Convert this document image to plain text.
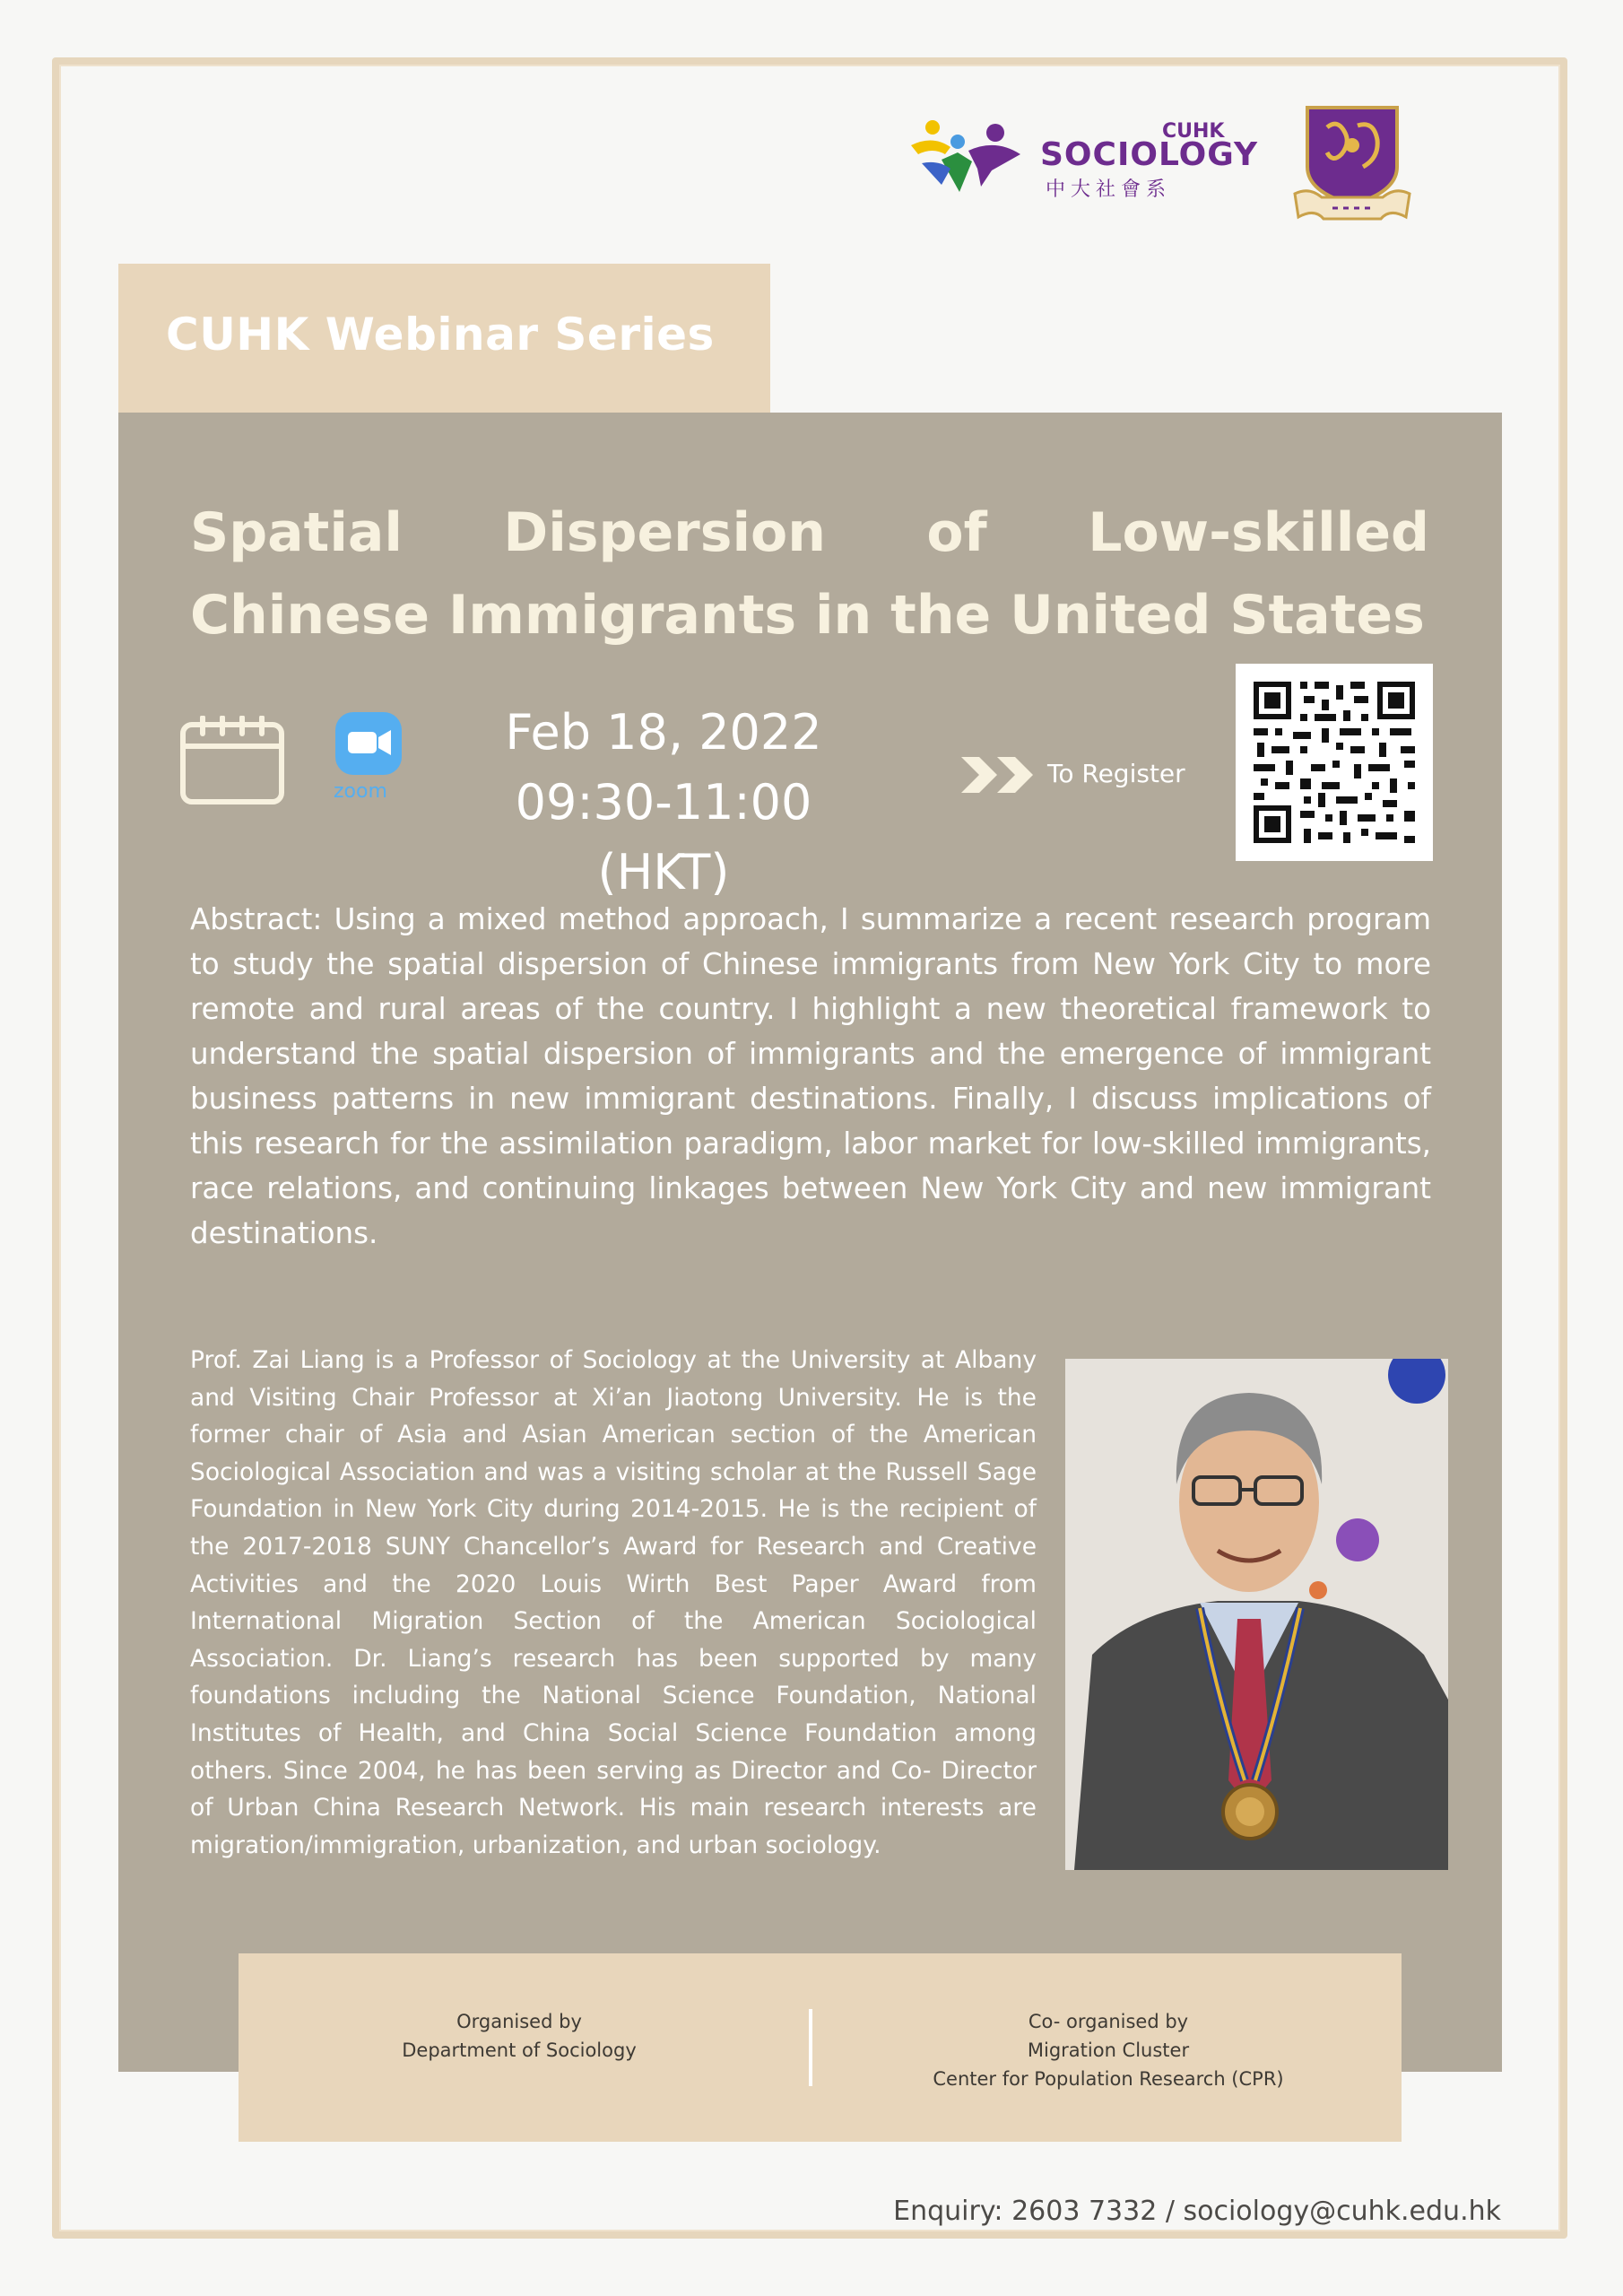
CUHK
SOCIOLOGY
中大社會系
CUHK Webinar Series
Spatial Dispersion of Low-skilled
Chinese Immigrants in the United States
zoom
Feb 18, 2022
09:30-11:00 (HKT)
To Register
Abstract: Using a mixed method approach, I summarize a recent research program to study the spatial dispersion of Chinese immigrants from New York City to more remote and rural areas of the country. I highlight a new theoretical framework to understand the spatial dispersion of immigrants and the emergence of immigrant business patterns in new immigrant destinations. Finally, I discuss implications of this research for the assimilation paradigm, labor market for low-skilled immigrants, race relations, and continuing linkages between New York City and new immigrant destinations.
Prof. Zai Liang is a Professor of Sociology at the University at Albany and Visiting Chair Professor at Xi’an Jiaotong University. He is the former chair of Asia and Asian American section of the American Sociological Association and was a visiting scholar at the Russell Sage Foundation in New York City during 2014-2015. He is the recipient of the 2017-2018 SUNY Chancellor’s Award for Research and Creative Activities and the 2020 Louis Wirth Best Paper Award from International Migration Section of the American Sociological Association. Dr. Liang’s research has been supported by many foundations including the National Science Foundation, National Institutes of Health, and China Social Science Foundation among others. Since 2004, he has been serving as Director and Co- Director of Urban China Research Network. His main research interests are migration/immigration, urbanization, and urban sociology.
Organised by
Department of Sociology
Co- organised by
Migration Cluster
Center for Population Research (CPR)
Enquiry: 2603 7332 / sociology@cuhk.edu.hk
